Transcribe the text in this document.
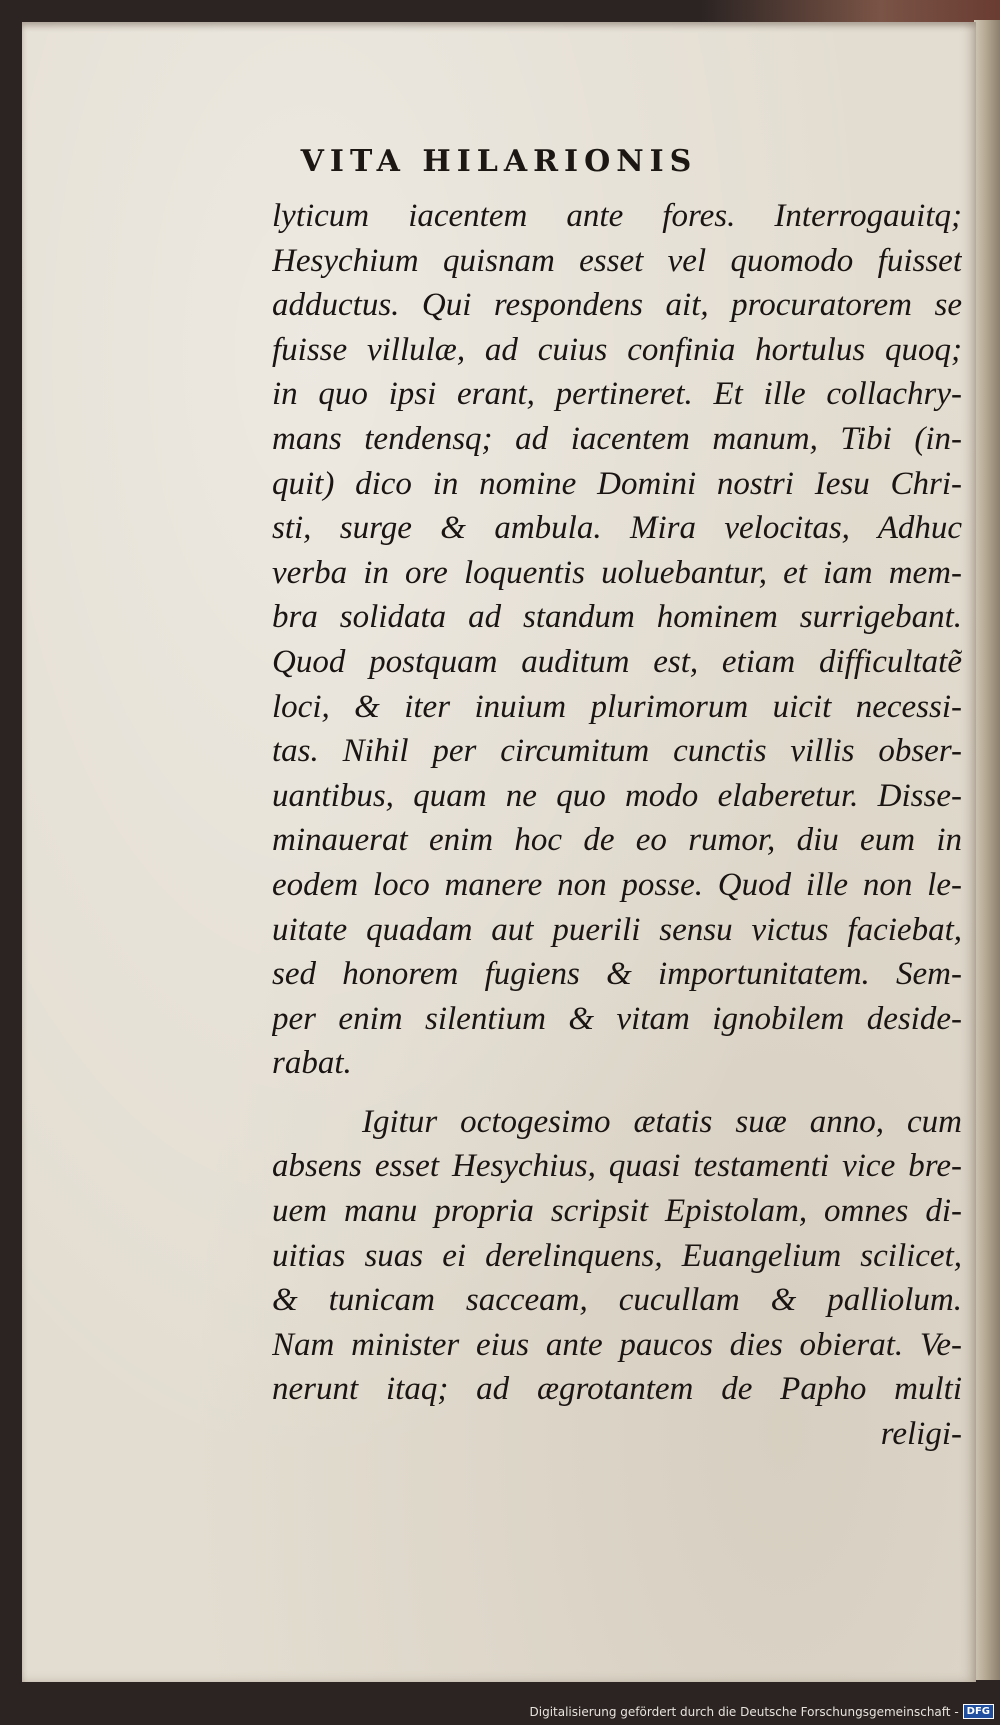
VITA HILARIONIS
lyticum iacentem ante fores. Interrogauitq;
Hesychium quisnam esset vel quomodo fuisset
adductus. Qui respondens ait, procuratorem se
fuisse villulæ, ad cuius confinia hortulus quoq;
in quo ipsi erant, pertineret. Et ille collachry-
mans tendensq; ad iacentem manum, Tibi (in-
quit) dico in nomine Domini nostri Iesu Chri-
sti, surge & ambula. Mira velocitas, Adhuc
verba in ore loquentis uoluebantur, et iam mem-
bra solidata ad standum hominem surrigebant.
Quod postquam auditum est, etiam difficultatẽ
loci, & iter inuium plurimorum uicit necessi-
tas. Nihil per circumitum cunctis villis obser-
uantibus, quam ne quo modo elaberetur. Disse-
minauerat enim hoc de eo rumor, diu eum in
eodem loco manere non posse. Quod ille non le-
uitate quadam aut puerili sensu victus faciebat,
sed honorem fugiens & importunitatem. Sem-
per enim silentium & vitam ignobilem deside-
rabat.
Igitur octogesimo ætatis suæ anno, cum
absens esset Hesychius, quasi testamenti vice bre-
uem manu propria scripsit Epistolam, omnes di-
uitias suas ei derelinquens, Euangelium scilicet,
& tunicam sacceam, cucullam & palliolum.
Nam minister eius ante paucos dies obierat. Ve-
nerunt itaq; ad ægrotantem de Papho multi
religi-
Digitalisierung gefördert durch die Deutsche Forschungsgemeinschaft - DFG
